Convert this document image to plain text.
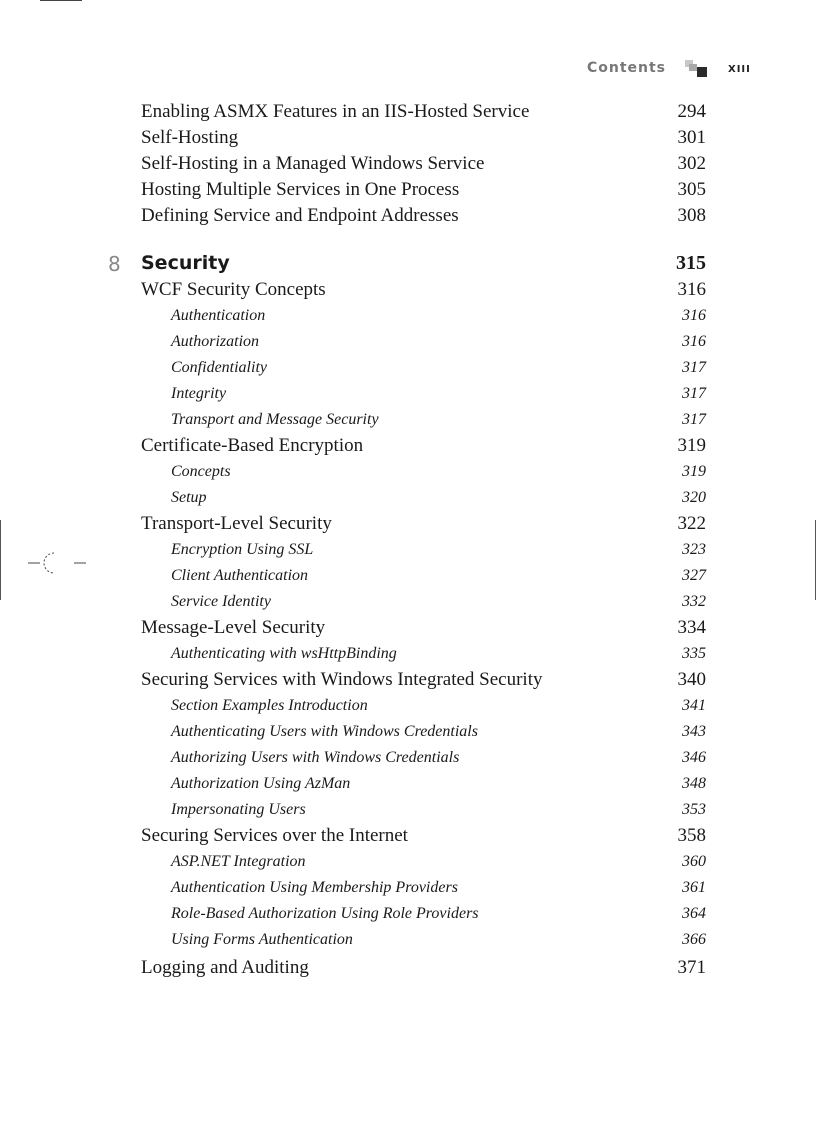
Contents	XIII
Enabling ASMX Features in an IIS-Hosted Service	294
Self-Hosting	301
Self-Hosting in a Managed Windows Service	302
Hosting Multiple Services in One Process	305
Defining Service and Endpoint Addresses	308
8 Security	315
WCF Security Concepts	316
Authentication	316
Authorization	316
Confidentiality	317
Integrity	317
Transport and Message Security	317
Certificate-Based Encryption	319
Concepts	319
Setup	320
Transport-Level Security	322
Encryption Using SSL	323
Client Authentication	327
Service Identity	332
Message-Level Security	334
Authenticating with wsHttpBinding	335
Securing Services with Windows Integrated Security	340
Section Examples Introduction	341
Authenticating Users with Windows Credentials	343
Authorizing Users with Windows Credentials	346
Authorization Using AzMan	348
Impersonating Users	353
Securing Services over the Internet	358
ASP.NET Integration	360
Authentication Using Membership Providers	361
Role-Based Authorization Using Role Providers	364
Using Forms Authentication	366
Logging and Auditing	371
